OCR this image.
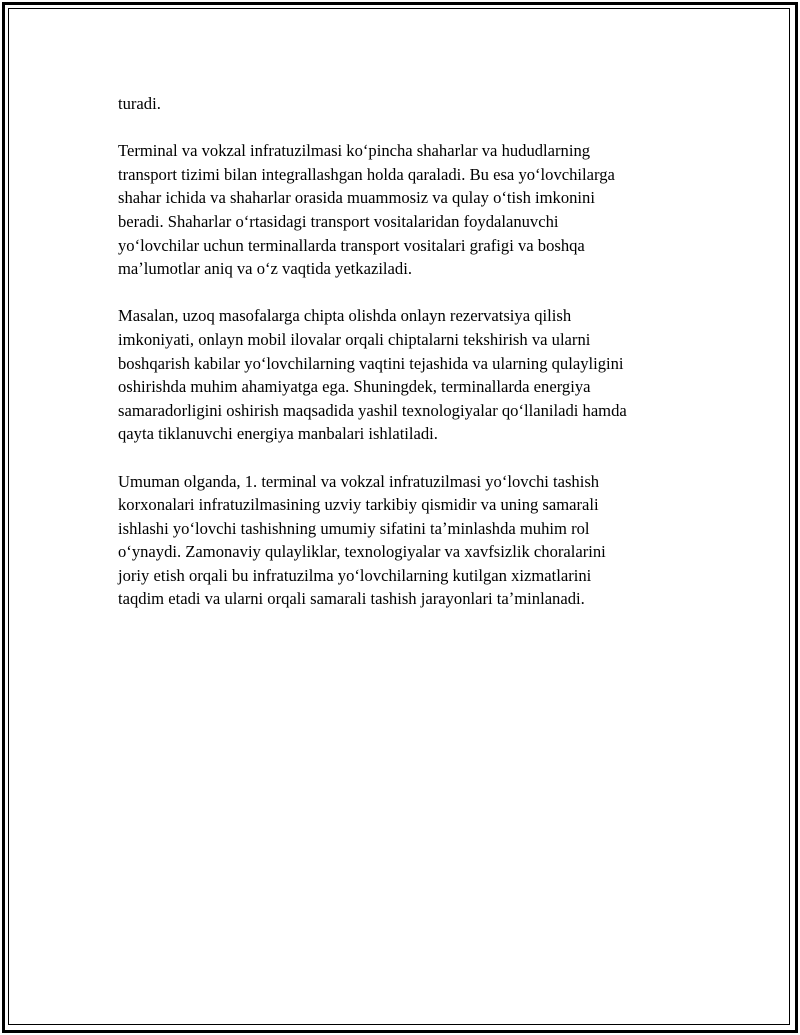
turadi.

Terminal va vokzal infratuzilmasi koʻpincha shaharlar va hududlarning
transport tizimi bilan integrallashgan holda qaraladi. Bu esa yoʻlovchilarga
shahar ichida va shaharlar orasida muammosiz va qulay oʻtish imkonini
beradi. Shaharlar oʻrtasidagi transport vositalaridan foydalanuvchi
yoʻlovchilar uchun terminallarda transport vositalari grafigi va boshqa
maʼlumotlar aniq va oʻz vaqtida yetkaziladi.

Masalan, uzoq masofalarga chipta olishda onlayn rezervatsiya qilish
imkoniyati, onlayn mobil ilovalar orqali chiptalarni tekshirish va ularni
boshqarish kabilar yoʻlovchilarning vaqtini tejashida va ularning qulayligini
oshirishda muhim ahamiyatga ega. Shuningdek, terminallarda energiya
samaradorligini oshirish maqsadida yashil texnologiyalar qoʻllaniladi hamda
qayta tiklanuvchi energiya manbalari ishlatiladi.

Umuman olganda, 1. terminal va vokzal infratuzilmasi yoʻlovchi tashish
korxonalari infratuzilmasining uzviy tarkibiy qismidir va uning samarali
ishlashi yoʻlovchi tashishning umumiy sifatini taʼminlashda muhim rol
oʻynaydi. Zamonaviy qulayliklar, texnologiyalar va xavfsizlik choralarini
joriy etish orqali bu infratuzilma yoʻlovchilarning kutilgan xizmatlarini
taqdim etadi va ularni orqali samarali tashish jarayonlari taʼminlanadi.
